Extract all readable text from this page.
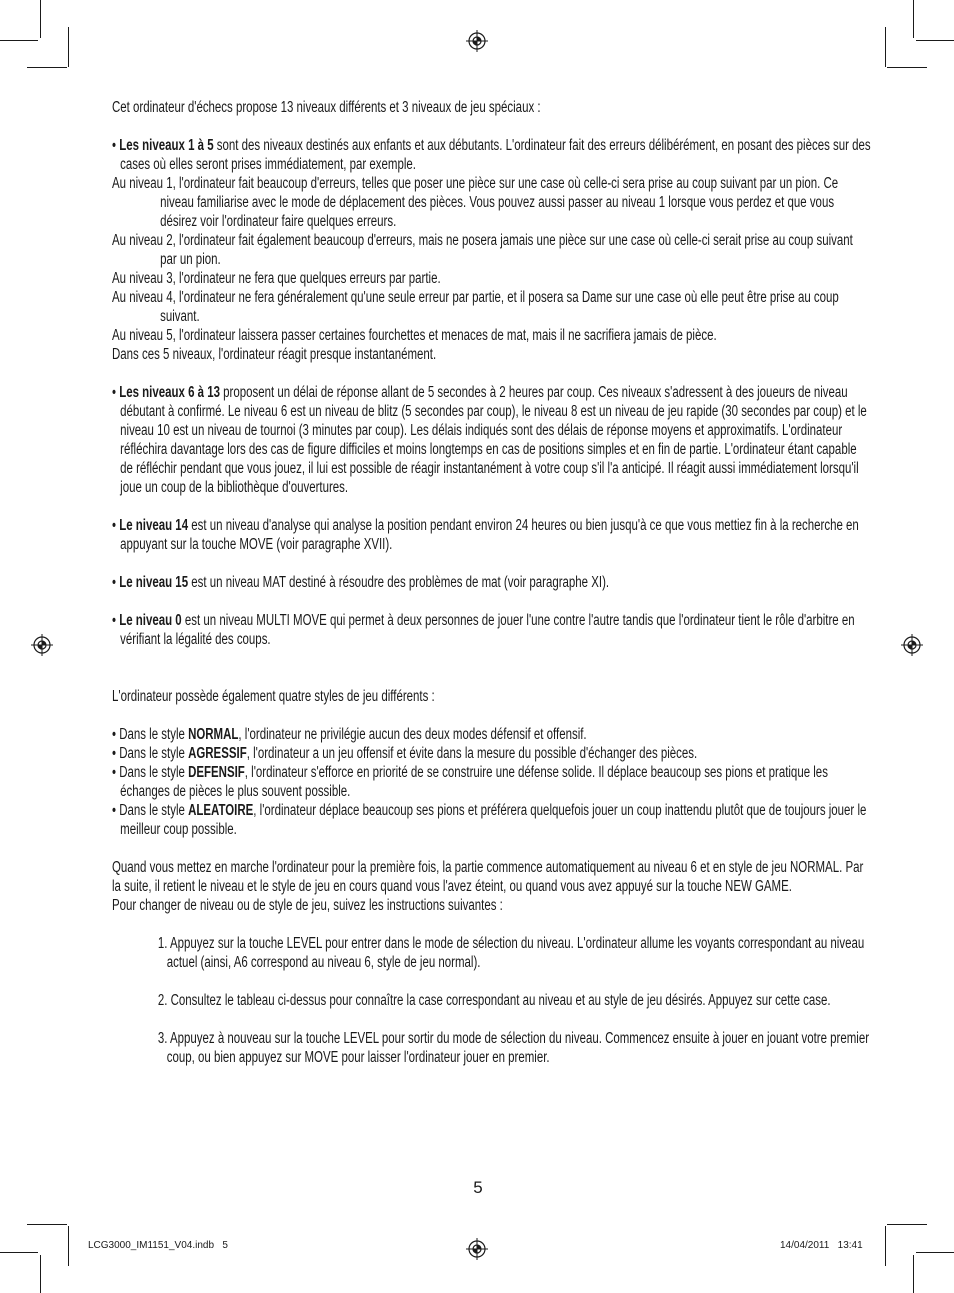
Cet ordinateur d'échecs propose 13 niveaux différents et 3 niveaux de jeu spéciaux :

• Les niveaux 1 à 5 sont des niveaux destinés aux enfants et aux débutants. L'ordinateur fait des erreurs délibérément, en posant des pièces sur des cases où elles seront prises immédiatement, par exemple.

Au niveau 1, l'ordinateur fait beaucoup d'erreurs, telles que poser une pièce sur une case où celle-ci sera prise au coup suivant par un pion. Ce niveau familiarise avec le mode de déplacement des pièces. Vous pouvez aussi passer au niveau 1 lorsque vous perdez et que vous désirez voir l'ordinateur faire quelques erreurs.

Au niveau 2, l'ordinateur fait également beaucoup d'erreurs, mais ne posera jamais une pièce sur une case où celle-ci serait prise au coup suivant par un pion.

Au niveau 3, l'ordinateur ne fera que quelques erreurs par partie.

Au niveau 4, l'ordinateur ne fera généralement qu'une seule erreur par partie, et il posera sa Dame sur une case où elle peut être prise au coup suivant.

Au niveau 5, l'ordinateur laissera passer certaines fourchettes et menaces de mat, mais il ne sacrifiera jamais de pièce.

Dans ces 5 niveaux, l'ordinateur réagit presque instantanément.

• Les niveaux 6 à 13 proposent un délai de réponse allant de 5 secondes à 2 heures par coup. Ces niveaux s'adressent à des joueurs de niveau débutant à confirmé. Le niveau 6 est un niveau de blitz (5 secondes par coup), le niveau 8 est un niveau de jeu rapide (30 secondes par coup) et le niveau 10 est un niveau de tournoi (3 minutes par coup). Les délais indiqués sont des délais de réponse moyens et approximatifs. L'ordinateur réfléchira davantage lors des cas de figure difficiles et moins longtemps en cas de positions simples et en fin de partie. L'ordinateur étant capable de réfléchir pendant que vous jouez, il lui est possible de réagir instantanément à votre coup s'il l'a anticipé. Il réagit aussi immédiatement lorsqu'il joue un coup de la bibliothèque d'ouvertures.

• Le niveau 14 est un niveau d'analyse qui analyse la position pendant environ 24 heures ou bien jusqu'à ce que vous mettiez fin à la recherche en appuyant sur la touche MOVE (voir paragraphe XVII).

• Le niveau 15 est un niveau MAT destiné à résoudre des problèmes de mat (voir paragraphe XI).

• Le niveau 0 est un niveau MULTI MOVE qui permet à deux personnes de jouer l'une contre l'autre tandis que l'ordinateur tient le rôle d'arbitre en vérifiant la légalité des coups.

L'ordinateur possède également quatre styles de jeu différents :

• Dans le style NORMAL, l'ordinateur ne privilégie aucun des deux modes défensif et offensif.

• Dans le style AGRESSIF, l'ordinateur a un jeu offensif et évite dans la mesure du possible d'échanger des pièces.

• Dans le style DEFENSIF, l'ordinateur s'efforce en priorité de se construire une défense solide. Il déplace beaucoup ses pions et pratique les échanges de pièces le plus souvent possible.

• Dans le style ALEATOIRE, l'ordinateur déplace beaucoup ses pions et préférera quelquefois jouer un coup inattendu plutôt que de toujours jouer le meilleur coup possible.

Quand vous mettez en marche l'ordinateur pour la première fois, la partie commence automatiquement au niveau 6 et en style de jeu NORMAL. Par la suite, il retient le niveau et le style de jeu en cours quand vous l'avez éteint, ou quand vous avez appuyé sur la touche NEW GAME.

Pour changer de niveau ou de style de jeu, suivez les instructions suivantes :

1. Appuyez sur la touche LEVEL pour entrer dans le mode de sélection du niveau. L'ordinateur allume les voyants correspondant au niveau actuel (ainsi, A6 correspond au niveau 6, style de jeu normal).

2. Consultez le tableau ci-dessus pour connaître la case correspondant au niveau et au style de jeu désirés. Appuyez sur cette case.

3. Appuyez à nouveau sur la touche LEVEL pour sortir du mode de sélection du niveau. Commencez ensuite à jouer en jouant votre premier coup, ou bien appuyez sur MOVE pour laisser l'ordinateur jouer en premier.

5
LCG3000_IM1151_V04.indb   5	14/04/2011   13:41
